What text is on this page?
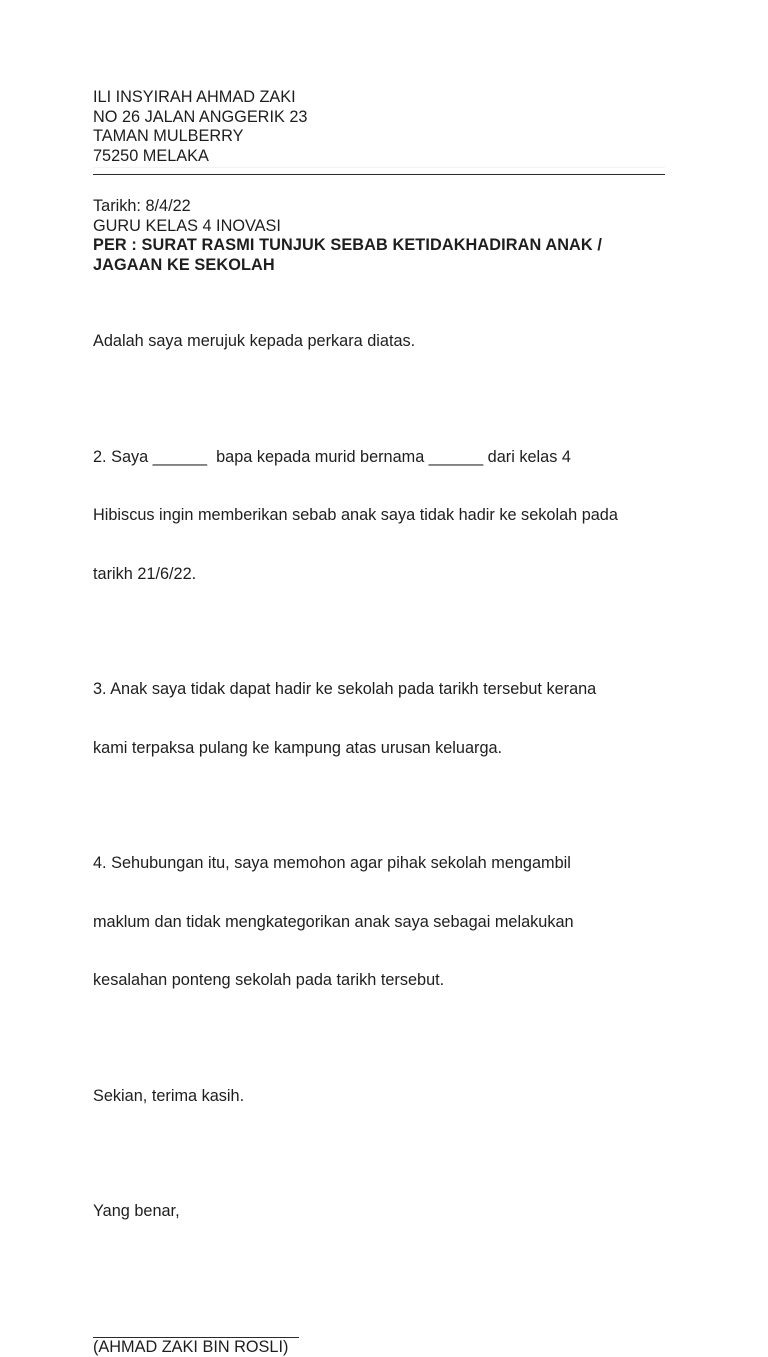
ILI INSYIRAH AHMAD ZAKI
NO 26 JALAN ANGGERIK 23
TAMAN MULBERRY
75250 MELAKA
Tarikh: 8/4/22
GURU KELAS 4 INOVASI
PER : SURAT RASMI TUNJUK SEBAB KETIDAKHADIRAN ANAK /
JAGAAN KE SEKOLAH

Adalah saya merujuk kepada perkara diatas.

2. Saya ______  bapa kepada murid bernama ______ dari kelas 4

Hibiscus ingin memberikan sebab anak saya tidak hadir ke sekolah pada

tarikh 21/6/22.

3. Anak saya tidak dapat hadir ke sekolah pada tarikh tersebut kerana

kami terpaksa pulang ke kampung atas urusan keluarga.

4. Sehubungan itu, saya memohon agar pihak sekolah mengambil

maklum dan tidak mengkategorikan anak saya sebagai melakukan

kesalahan ponteng sekolah pada tarikh tersebut.

Sekian, terima kasih.

Yang benar,

(AHMAD ZAKI BIN ROSLI)
